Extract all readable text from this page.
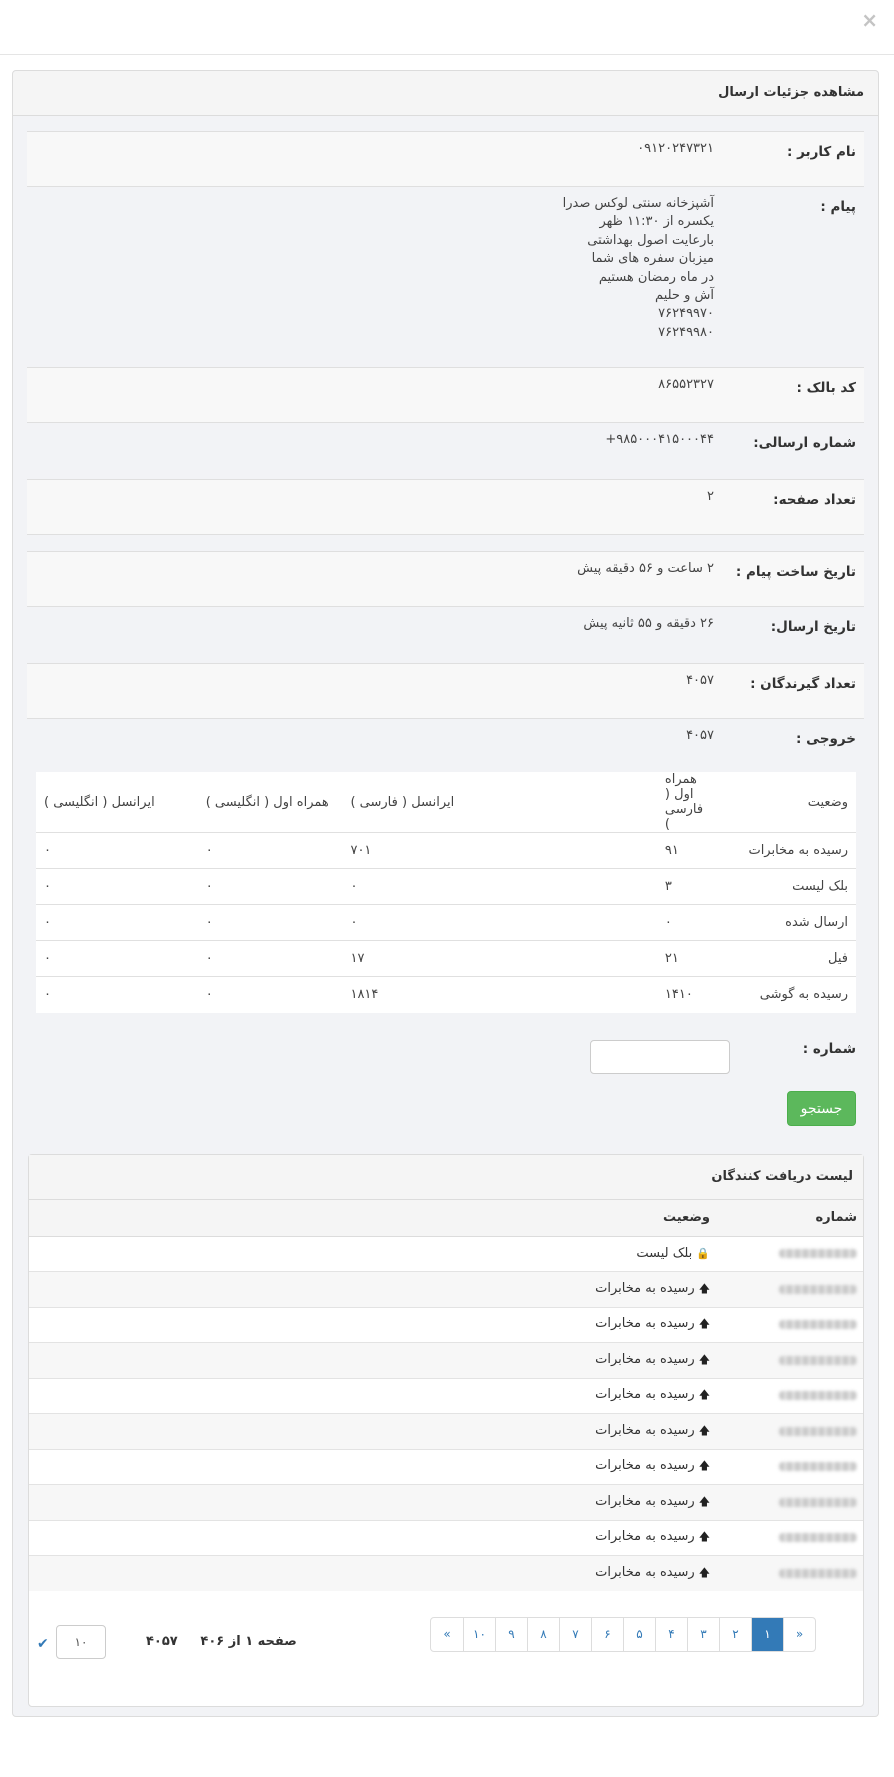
×
مشاهده جزئیات ارسال
نام کاربر :
۰۹۱۲۰۲۴۷۳۲۱
پیام :
آشپزخانه سنتی لوکس صدرا
یکسره از ۱۱:۳۰ ظهر
بارعایت اصول بهداشتی
میزبان سفره های شما
در ماه رمضان هستیم
آش و حلیم
۷۶۲۴۹۹۷۰
۷۶۲۴۹۹۸۰
کد بالک :
۸۶۵۵۲۳۲۷
شماره ارسالی:
۹۸۵۰۰۰۴۱۵۰۰۰۴۴+
تعداد صفحه:
۲
تاریخ ساخت پیام :
۲ ساعت و ۵۶ دقیقه پیش
تاریخ ارسال:
۲۶ دقیقه و ۵۵ ثانیه پیش
تعداد گیرندگان :
۴۰۵۷
خروجی :
۴۰۵۷
وضعیت	همراه اول ( فارسی )	ایرانسل ( فارسی )	همراه اول ( انگلیسی )	ایرانسل ( انگلیسی )
رسیده به مخابرات	۹۱	۷۰۱	۰	۰
بلک لیست	۳	۰	۰	۰
ارسال شده	۰	۰	۰	۰
فیل	۲۱	۱۷	۰	۰
رسیده به گوشی	۱۴۱۰	۱۸۱۴	۰	۰
شماره :
جستجو
لیست دریافت کنندگان
شماره	وضعیت
	🔒بلک لیست
	🡅رسیده به مخابرات
	🡅رسیده به مخابرات
	🡅رسیده به مخابرات
	🡅رسیده به مخابرات
	🡅رسیده به مخابرات
	🡅رسیده به مخابرات
	🡅رسیده به مخابرات
	🡅رسیده به مخابرات
	🡅رسیده به مخابرات
«	۱۰	۹	۸	۷	۶	۵	۴	۳	۲	۱	»
صفحه ۱ از ۴۰۶     ۴۰۵۷
۱۰
✔
